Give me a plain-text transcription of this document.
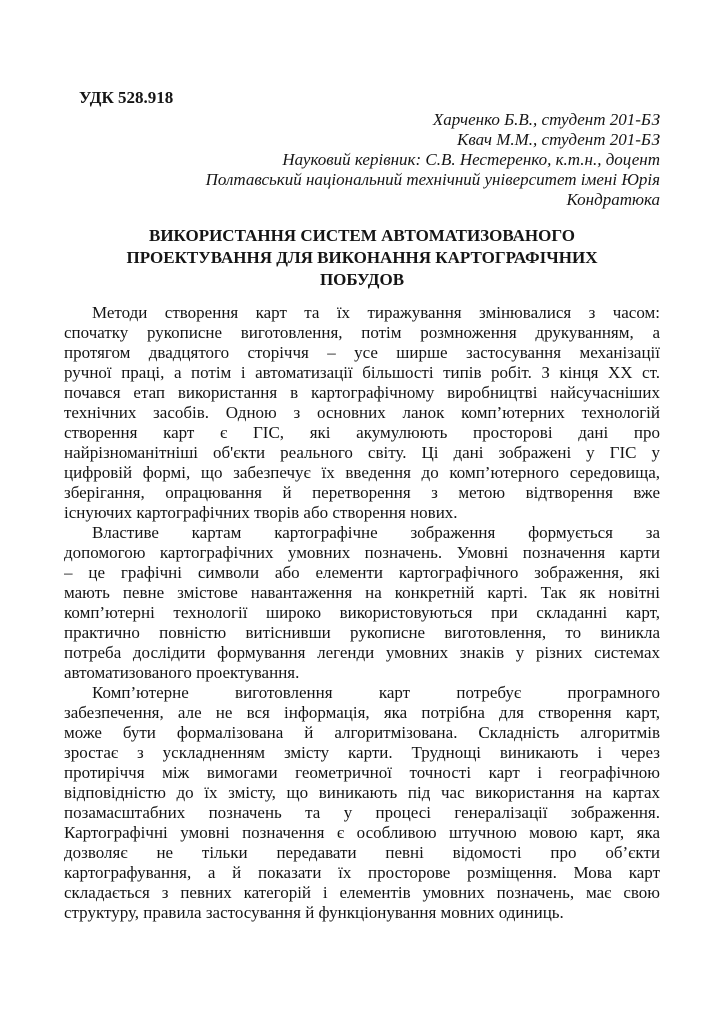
УДК 528.918
Харченко Б.В., студент 201-БЗ
Квач М.М., студент 201-БЗ
Науковий керівник: С.В. Нестеренко, к.т.н., доцент
Полтавський національний технічний університет імені Юрія
Кондратюка
ВИКОРИСТАННЯ СИСТЕМ АВТОМАТИЗОВАНОГО
ПРОЕКТУВАННЯ ДЛЯ ВИКОНАННЯ КАРТОГРАФІЧНИХ
ПОБУДОВ
Методи створення карт та їх тиражування змінювалися з часом:
спочатку рукописне виготовлення, потім розмноження друкуванням, а
протягом двадцятого сторіччя – усе ширше застосування механізації
ручної праці, а потім і автоматизації більшості типів робіт. З кінця XX ст.
почався етап використання в картографічному виробництві найсучасніших
технічних засобів. Одною з основних ланок комп’ютерних технологій
створення карт є ГІС, які акумулюють просторові дані про
найрізноманітніші об'єкти реального світу. Ці дані зображені у ГІС у
цифровій формі, що забезпечує їх введення до комп’ютерного середовища,
зберігання, опрацювання й перетворення з метою відтворення вже
існуючих картографічних творів або створення нових.
Властиве картам картографічне зображення формується за
допомогою картографічних умовних позначень. Умовні позначення карти
– це графічні символи або елементи картографічного зображення, які
мають певне змістове навантаження на конкретній карті. Так як новітні
комп’ютерні технології широко використовуються при складанні карт,
практично повністю витіснивши рукописне виготовлення, то виникла
потреба дослідити формування легенди умовних знаків у різних системах
автоматизованого проектування.
Комп’ютерне виготовлення карт потребує програмного
забезпечення, але не вся інформація, яка потрібна для створення карт,
може бути формалізована й алгоритмізована. Складність алгоритмів
зростає з ускладненням змісту карти. Труднощі виникають і через
протиріччя між вимогами геометричної точності карт і географічною
відповідністю до їх змісту, що виникають під час використання на картах
позамасштабних позначень та у процесі генералізації зображення.
Картографічні умовні позначення є особливою штучною мовою карт, яка
дозволяє не тільки передавати певні відомості про об’єкти
картографування, а й показати їх просторове розміщення. Мова карт
складається з певних категорій і елементів умовних позначень, має свою
структуру, правила застосування й функціонування мовних одиниць.
